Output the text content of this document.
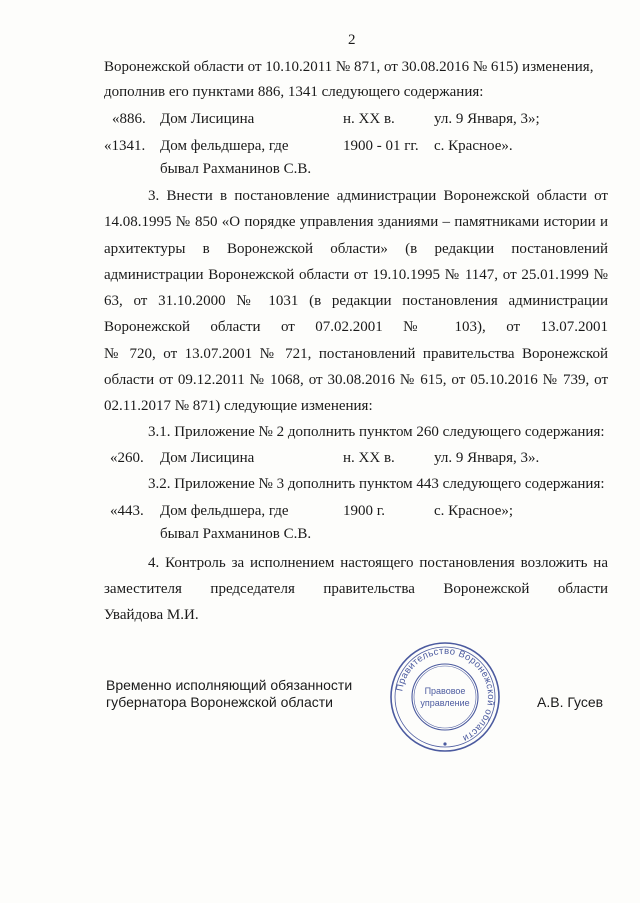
2
Воронежской области от 10.10.2011 № 871, от 30.08.2016 № 615) изменения,
дополнив его пунктами 886, 1341 следующего содержания:
«886. Дом Лисицина	н. XX в.	ул. 9 Января, 3»;
«1341. Дом фельдшера, где	1900 - 01 гг. с. Красное».
бывал Рахманинов С.В.
3. Внести в постановление администрации Воронежской области от
14.08.1995 № 850 «О порядке управления зданиями – памятниками истории и
архитектуры в Воронежской области» (в редакции постановлений
администрации Воронежской области от 19.10.1995 № 1147, от 25.01.1999 №
63, от 31.10.2000 № 1031 (в редакции постановления администрации
Воронежской области от 07.02.2001 № 103), от 13.07.2001
№ 720, от 13.07.2001 № 721, постановлений правительства Воронежской
области от 09.12.2011 № 1068, от 30.08.2016 № 615, от 05.10.2016 № 739, от
02.11.2017 № 871) следующие изменения:
3.1. Приложение № 2 дополнить пунктом 260 следующего содержания:
«260. Дом Лисицина	н. XX в.	ул. 9 Января, 3».
3.2. Приложение № 3 дополнить пунктом 443 следующего содержания:
«443. Дом фельдшера, где	1900 г.	с. Красное»;
бывал Рахманинов С.В.
4. Контроль за исполнением настоящего постановления возложить на
заместителя председателя правительства Воронежской области
Увайдова М.И.
Временно исполняющий обязанности
губернатора Воронежской области	А.В. Гусев
Правительство Воронежской области
Правовое
управление
